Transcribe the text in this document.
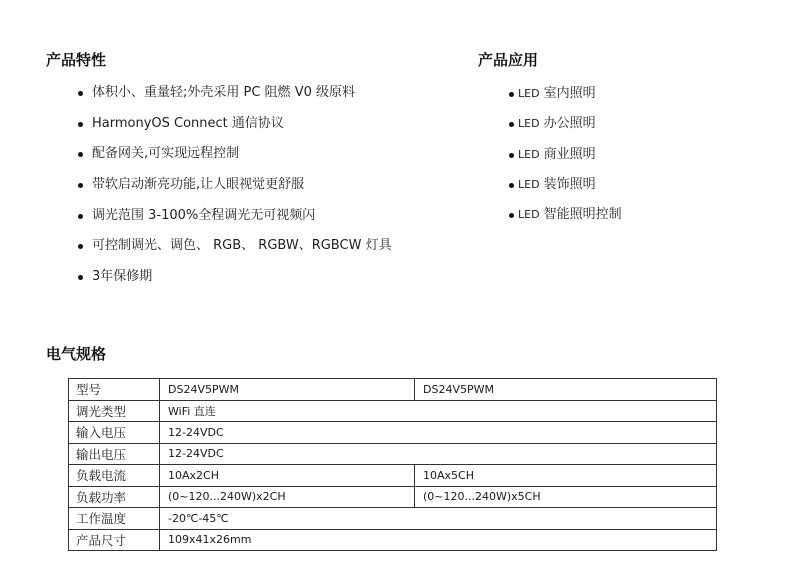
产品特性
体积小、重量轻;外壳采用 PC 阻燃 V0 级原料
HarmonyOS Connect 通信协议
配备网关,可实现远程控制
带软启动渐亮功能,让人眼视觉更舒服
调光范围 3-100%全程调光无可视频闪
可控制调光、调色、 RGB、 RGBW、RGBCW 灯具
3年保修期
产品应用
LED 室内照明
LED 办公照明
LED 商业照明
LED 装饰照明
LED 智能照明控制
电气规格
型号	DS24V5PWM	DS24V5PWM
调光类型	WiFi 直连	
输入电压	12-24VDC	
输出电压	12-24VDC	
负载电流	10Ax2CH	10Ax5CH
负载功率	(0~120...240W)x2CH	(0~120...240W)x5CH
工作温度	-20℃-45℃	
产品尺寸	109x41x26mm	
